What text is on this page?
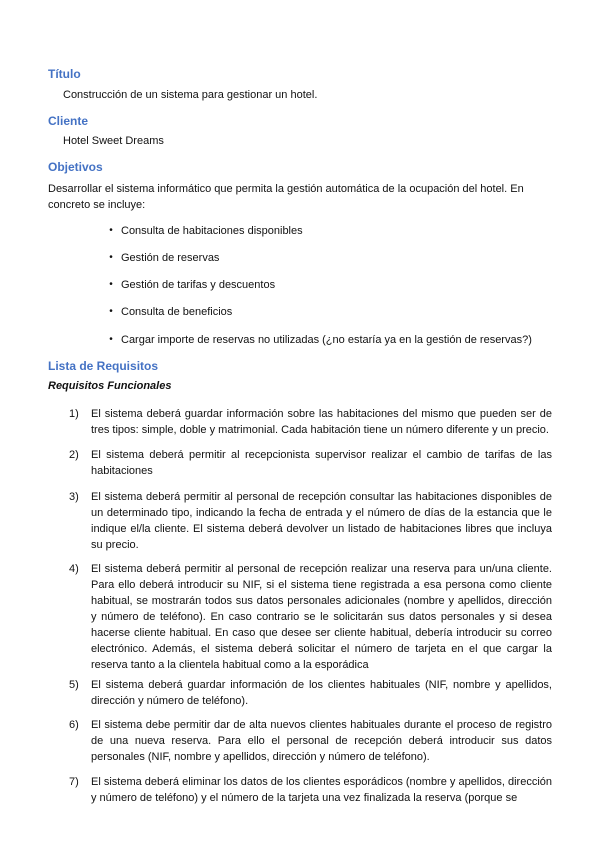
Título
Construcción de un sistema para gestionar un hotel.
Cliente
Hotel Sweet Dreams
Objetivos
Desarrollar el sistema informático que permita la gestión automática de la ocupación del hotel. En concreto se incluye:
• Consulta de habitaciones disponibles
• Gestión de reservas
• Gestión de tarifas y descuentos
• Consulta de beneficios
• Cargar importe de reservas no utilizadas (¿no estaría ya en la gestión de reservas?)
Lista de Requisitos
Requisitos Funcionales
1)	El sistema deberá guardar información sobre las habitaciones del mismo que pueden ser de tres tipos: simple, doble y matrimonial. Cada habitación tiene un número diferente y un precio.
2)	El sistema deberá permitir al recepcionista supervisor realizar el cambio de tarifas de las habitaciones
3)	El sistema deberá permitir al personal de recepción consultar las habitaciones disponibles de un determinado tipo, indicando la fecha de entrada y el número de días de la estancia que le indique el/la cliente. El sistema deberá devolver un listado de habitaciones libres que incluya su precio.
4)	El sistema deberá permitir al personal de recepción realizar una reserva para un/una cliente. Para ello deberá introducir su NIF, si el sistema tiene registrada a esa persona como cliente habitual, se mostrarán todos sus datos personales adicionales (nombre y apellidos, dirección y número de teléfono). En caso contrario se le solicitarán sus datos personales y si desea hacerse cliente habitual. En caso que desee ser cliente habitual, debería introducir su correo electrónico. Además, el sistema deberá solicitar el número de tarjeta en el que cargar la reserva tanto a la clientela habitual como a la esporádica
5)	El sistema deberá guardar información de los clientes habituales (NIF, nombre y apellidos, dirección y número de teléfono).
6)	El sistema debe permitir dar de alta nuevos clientes habituales durante el proceso de registro de una nueva reserva. Para ello el personal de recepción deberá introducir sus datos personales (NIF, nombre y apellidos, dirección y número de teléfono).
7)	El sistema deberá eliminar los datos de los clientes esporádicos (nombre y apellidos, dirección y número de teléfono) y el número de la tarjeta una vez finalizada la reserva (porque se
